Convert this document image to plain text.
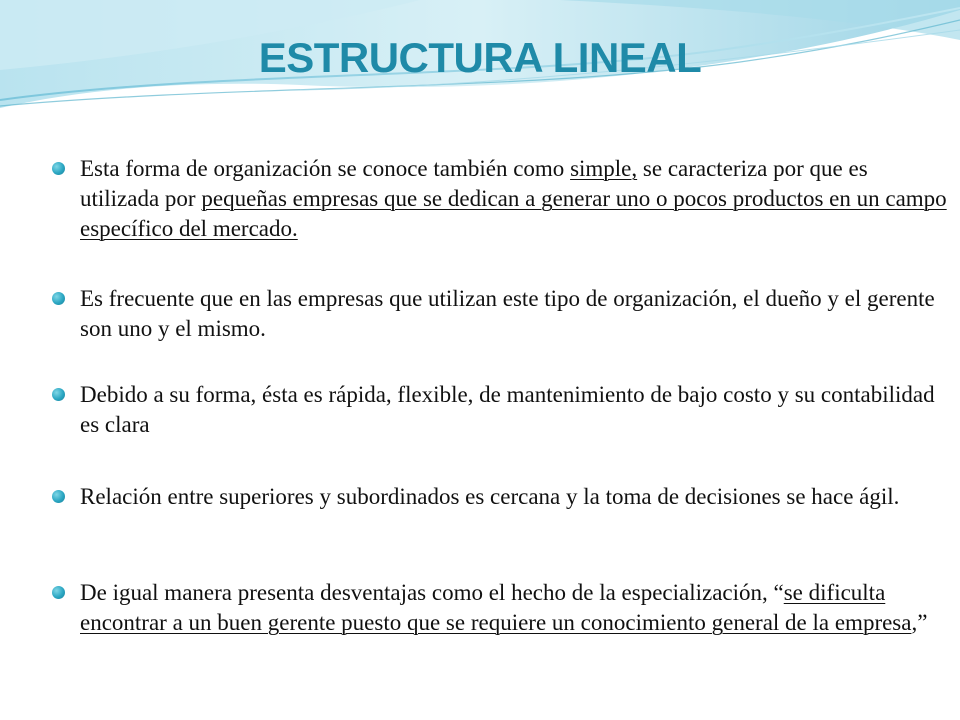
ESTRUCTURA LINEAL
Esta forma de organización se conoce también como simple, se caracteriza por que es utilizada por pequeñas empresas que se dedican a generar uno o pocos productos en un campo específico del mercado.
Es frecuente que en las empresas que utilizan este tipo de organización, el dueño y el gerente son uno y el mismo.
Debido a su forma, ésta es rápida, flexible, de mantenimiento de bajo costo y su contabilidad es clara
Relación entre superiores y subordinados es cercana y la toma de decisiones se hace ágil.
De igual manera presenta desventajas como el hecho de la especialización, “se dificulta encontrar a un buen gerente puesto que se requiere un conocimiento general de la empresa,”
